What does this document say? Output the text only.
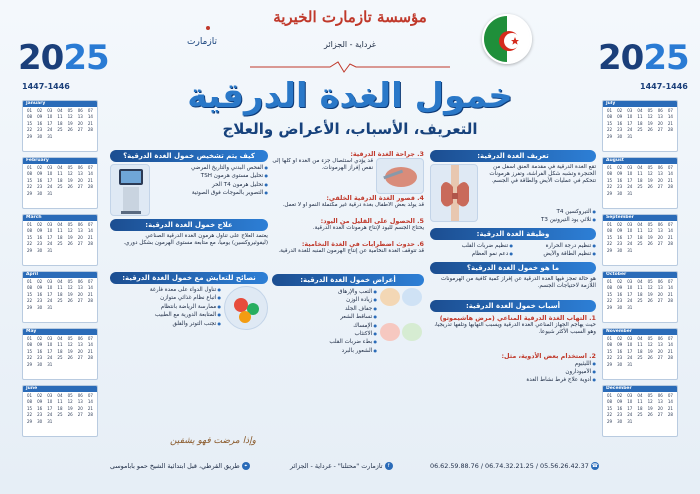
2025
1447-1446
2025
1447-1446
تازمارت
مؤسسة تازمارت الخيرية
غرداية - الجزائر
خمول الغدة الدرقية
التعريف، الأسباب، الأعراض والعلاج
January
01	02	03	04	05	06	07
08	09	10	11	12	13	14
15	16	17	18	19	20	21
22	23	24	25	26	27	28
29	30	31
February
01	02	03	04	05	06	07
08	09	10	11	12	13	14
15	16	17	18	19	20	21
22	23	24	25	26	27	28
29	30	31
March
01	02	03	04	05	06	07
08	09	10	11	12	13	14
15	16	17	18	19	20	21
22	23	24	25	26	27	28
29	30	31
April
01	02	03	04	05	06	07
08	09	10	11	12	13	14
15	16	17	18	19	20	21
22	23	24	25	26	27	28
29	30	31
May
01	02	03	04	05	06	07
08	09	10	11	12	13	14
15	16	17	18	19	20	21
22	23	24	25	26	27	28
29	30	31
June
01	02	03	04	05	06	07
08	09	10	11	12	13	14
15	16	17	18	19	20	21
22	23	24	25	26	27	28
29	30	31
July
01	02	03	04	05	06	07
08	09	10	11	12	13	14
15	16	17	18	19	20	21
22	23	24	25	26	27	28
29	30	31
August
01	02	03	04	05	06	07
08	09	10	11	12	13	14
15	16	17	18	19	20	21
22	23	24	25	26	27	28
29	30	31
September
01	02	03	04	05	06	07
08	09	10	11	12	13	14
15	16	17	18	19	20	21
22	23	24	25	26	27	28
29	30	31
October
01	02	03	04	05	06	07
08	09	10	11	12	13	14
15	16	17	18	19	20	21
22	23	24	25	26	27	28
29	30	31
November
01	02	03	04	05	06	07
08	09	10	11	12	13	14
15	16	17	18	19	20	21
22	23	24	25	26	27	28
29	30	31
December
01	02	03	04	05	06	07
08	09	10	11	12	13	14
15	16	17	18	19	20	21
22	23	24	25	26	27	28
29	30	31
تعريف الغدة الدرقية:
تقع الغدة الدرقية في مقدمة العنق أسفل من الحنجرة وتشبه شكل الفراشة، وتفرز هرمونات تتحكم في عمليات الأيض والطاقة في الجسم.
● التيروكسين T4
● ثلاثي يود التيرونين T3
وظيفة الغدة الدرقية:
● تنظيم درجة الحرارة
● تنظيم ضربات القلب
● تنظيم الطاقة والأيض
● دعم نمو العظام
ما هو خمول الغدة الدرقية؟
هو حالة تعجز فيها الغدة الدرقية عن إفراز كمية كافية من الهرمونات اللازمة لاحتياجات الجسم.
أسباب خمول الغدة الدرقية:
1. التهاب الغدة الدرقية المناعي (مرض هاشيموتو)
حيث يهاجم الجهاز المناعي الغدة الدرقية ويسبب التهابها وتلفها تدريجيا، وهو السبب الأكثر شيوعا.
2. استخدام بعض الأدوية، مثل:
● الليثيوم
● الأميودارون
● أدوية علاج فرط نشاط الغدة
3. جراحة الغدة الدرقية:
قد يؤدي استئصال جزء من الغدة أو كلها إلى نقص إفراز الهرمونات.
4. قصور الغدة الدرقية الخلقي:
قد يولد بعض الأطفال بغدة درقية غير مكتملة النمو أو لا تعمل.
5. الحصول على القليل من اليود:
يحتاج الجسم لليود لإنتاج هرمونات الغدة الدرقية.
6. حدوث اضطرابات في الغدة النخامية:
قد تتوقف الغدة النخامية عن إنتاج الهرمون المنبه للغدة الدرقية.
أعراض خمول الغدة الدرقية:
● التعب والإرهاق
● زيادة الوزن
● جفاف الجلد
● تساقط الشعر
● الإمساك
● الاكتئاب
● بطء ضربات القلب
● الشعور بالبرد
كيف يتم تشخيص خمول الغدة الدرقية؟
● الفحص البدني والتاريخ المرضي
● تحليل مستوى هرمون TSH
● تحليل هرمون T4 الحر
● التصوير بالموجات فوق الصوتية
علاج خمول الغدة الدرقية:
يعتمد العلاج على تناول هرمون الغدة الدرقية الصناعي (ليفوثيروكسين) يوميا، مع متابعة مستوى الهرمون بشكل دوري.
نصائح للتعايش مع خمول الغدة الدرقية:
● تناول الدواء على معدة فارغة
● اتباع نظام غذائي متوازن
● ممارسة الرياضة بانتظام
● المتابعة الدورية مع الطبيب
● تجنب التوتر والقلق
وإذا مرضت فهو يشفين
☎ 05.56.26.42.37 / 06.74.32.21.25 / 06.62.59.88.76
f تازمارت "محتلنا" - غرداية - الجزائر
⌖ طريق القرطي، قبل ابتدائية الشيخ حمو باباموسى
